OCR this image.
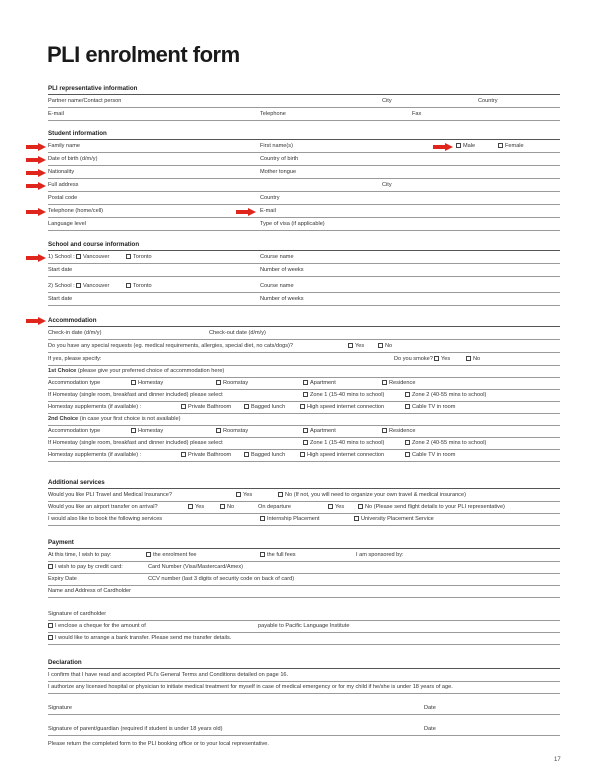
PLI enrolment form
PLI representative information
Partner name/Contact person	City	Country
E-mail	Telephone	Fax
Student information
Family name	First name(s)	Male	Female
Date of birth (d/m/y)	Country of birth
Nationality	Mother tongue
Full address	City
Postal code	Country
Telephone (home/cell)	E-mail
Language level	Type of visa (if applicable)
School and course information
1) School :	Vancouver	Toronto	Course name
Start date	Number of weeks
2) School :	Vancouver	Toronto	Course name
Start date	Number of weeks
Accommodation
Check-in date (d/m/y)	Check-out date (d/m/y)
Do you have any special requests (eg. medical requirements, allergies, special diet, no cats/dogs)?	Yes	No
If yes, please specify:	Do you smoke?	Yes	No
1st Choice (please give your preferred choice of accommodation here)
Accommodation type	Homestay	Roomstay	Apartment	Residence
If Homestay (single room, breakfast and dinner included) please select	Zone 1 (15-40 mins to school)	Zone 2 (40-55 mins to school)
Homestay supplements (if available) :	Private Bathroom	Bagged lunch	High speed internet connection	Cable TV in room
2nd Choice (in case your first choice is not available)
Accommodation type	Homestay	Roomstay	Apartment	Residence
If Homestay (single room, breakfast and dinner included) please select	Zone 1 (15-40 mins to school)	Zone 2 (40-55 mins to school)
Homestay supplements (if available) :	Private Bathroom	Bagged lunch	High speed internet connection	Cable TV in room
Additional services
Would you like PLI Travel and Medical Insurance?	Yes	No (If not, you will need to organize your own travel & medical insurance)
Would you like an airport transfer on arrival?	Yes	No	On departure	Yes	No (Please send flight details to your PLI representative)
I would also like to book the following services	Internship Placement	University Placement Service
Payment
At this time, I wish to pay:	the enrolment fee	the full fees	I am sponsored by:
I wish to pay by credit card:	Card Number (Visa/Mastercard/Amex)
Expiry Date	CCV number (last 3 digits of security code on back of card)
Name and Address of Cardholder
Signature of cardholder
I enclose a cheque for the amount of	payable to Pacific Language Institute
I would like to arrange a bank transfer. Please send me transfer details.
Declaration
I confirm that I have read and accepted PLI's General Terms and Conditions detailed on page 16.
I authorize any licensed hospital or physician to initiate medical treatment for myself in case of medical emergency or for my child if he/she is under 18 years of age.
Signature	Date
Signature of parent/guardian (required if student is under 18 years old)	Date
Please return the completed form to the PLI booking office or to your local representative.
17
